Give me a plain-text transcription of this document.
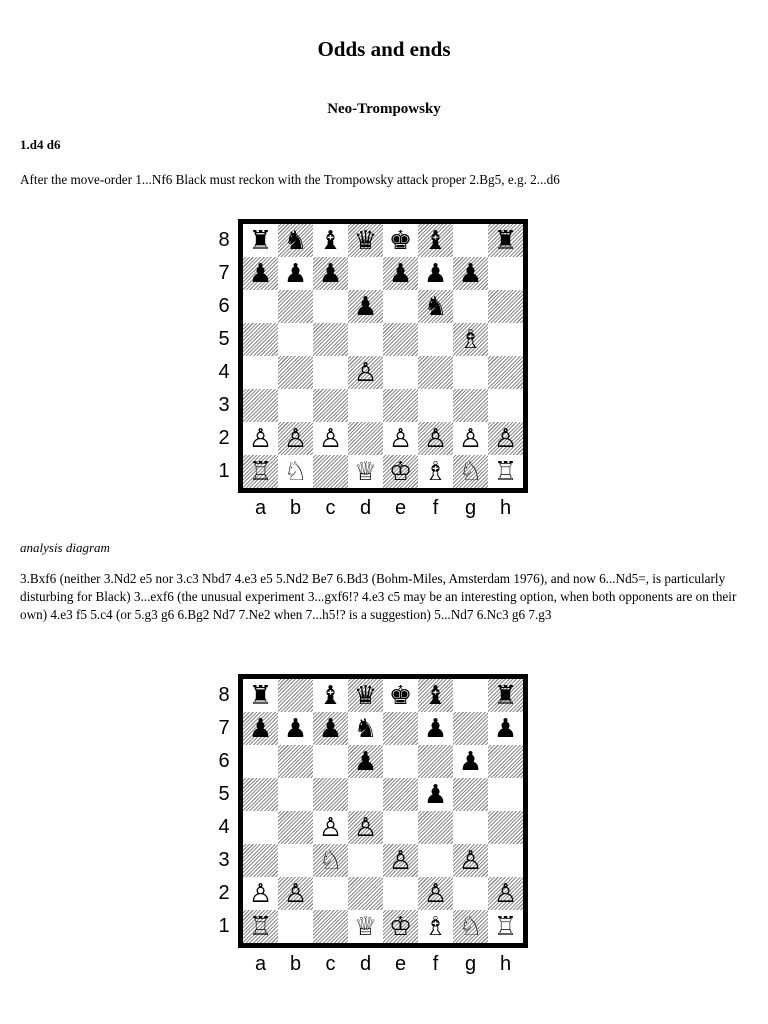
Odds and ends
Neo-Trompowsky
1.d4 d6
After the move-order 1...Nf6 Black must reckon with the Trompowsky attack proper 2.Bg5, e.g. 2...d6
♜ ♞ ♝ ♛ ♚ ♝ ♜
♟ ♟ ♟ ♟ ♟ ♟
♟ ♞
♗
♙
♙ ♙ ♙ ♙ ♙ ♙ ♙
♖ ♘ ♕ ♔ ♗ ♘ ♖
8
7
6
5
4
3
2
1
a	b	c	d	e	f	g	h
analysis diagram
3.Bxf6 (neither 3.Nd2 e5 nor 3.c3 Nbd7 4.e3 e5 5.Nd2 Be7 6.Bd3 (Bohm-Miles, Amsterdam 1976), and now 6...Nd5=, is particularly disturbing for Black) 3...exf6 (the unusual experiment 3...gxf6!? 4.e3 c5 may be an interesting option, when both opponents are on their own) 4.e3 f5 5.c4 (or 5.g3 g6 6.Bg2 Nd7 7.Ne2 when 7...h5!? is a suggestion) 5...Nd7 6.Nc3 g6 7.g3
♜ ♝ ♛ ♚ ♝ ♜
♟ ♟ ♟ ♞ ♟ ♟
♟	♟
♟
♙ ♙
♘ ♙ ♙
♙ ♙	♙ ♙
♖	♕ ♔ ♗ ♘ ♖
8
7
6
5
4
3
2
1
a	b	c	d	e	f	g	h
